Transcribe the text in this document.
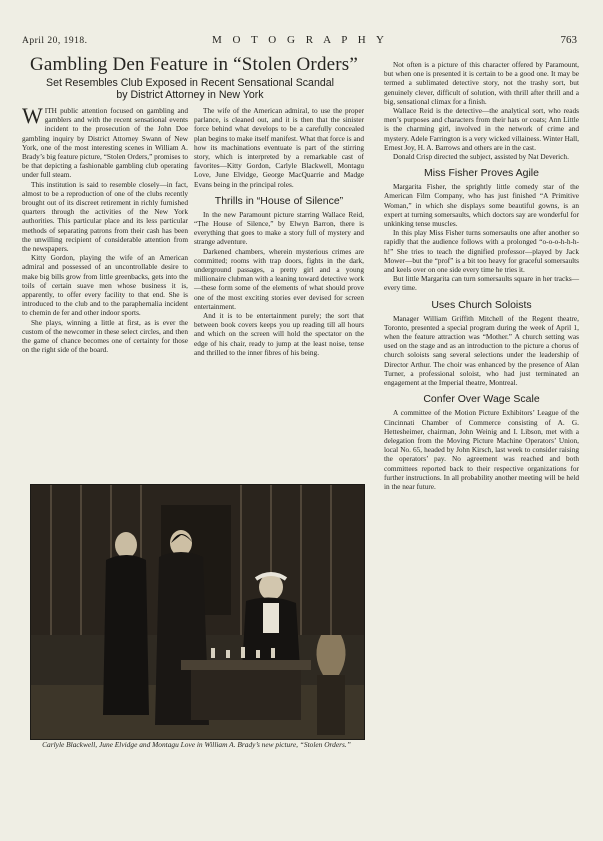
April 20, 1918.	M O T O G R A P H Y	763
Gambling Den Feature in “Stolen Orders”
Set Resembles Club Exposed in Recent Sensational Scandal by District Attorney in New York

WITH public attention focused on gambling and gamblers and with the recent sensational events incident to the prosecution of the John Doe gambling inquiry by District Attorney Swann of New York, one of the most interesting scenes in William A. Brady’s big feature picture, “Stolen Orders,” promises to be that depicting a fashionable gambling club operating under full steam.

This institution is said to resemble closely—in fact, almost to be a reproduction of one of the clubs recently brought out of its discreet retirement in richly furnished quarters through the activities of the New York authorities. This particular place and its less particular methods of separating patrons from their cash has been the unwilling recipient of considerable attention from the newspapers.

Kitty Gordon, playing the wife of an American admiral and possessed of an uncontrollable desire to make big bills grow from little greenbacks, gets into the toils of certain suave men whose business it is, apparently, to offer every facility to that end. She is introduced to the club and to the paraphernalia incident to chemin de fer and other indoor sports.

She plays, winning a little at first, as is ever the custom of the newcomer in these select circles, and then the game of chance becomes one of certainty for those on the right side of the board.

The wife of the American admiral, to use the proper parlance, is cleaned out, and it is then that the sinister force behind what develops to be a carefully concealed plan begins to make itself manifest. What that force is and how its machinations eventuate is part of the stirring story, which is interpreted by a remarkable cast of favorites—Kitty Gordon, Carlyle Blackwell, Montagu Love, June Elvidge, George MacQuarrie and Madge Evans being in the principal roles.

Thrills in “House of Silence”

In the new Paramount picture starring Wallace Reid, “The House of Silence,” by Elwyn Barron, there is everything that goes to make a story full of mystery and strange adventure.

Darkened chambers, wherein mysterious crimes are committed; rooms with trap doors, fights in the dark, underground passages, a pretty girl and a young millionaire clubman with a leaning toward detective work—these form some of the elements of what should prove one of the most exciting stories ever devised for screen entertainment.

And it is to be entertainment purely; the sort that between book covers keeps you up reading till all hours and which on the screen will hold the spectator on the edge of his chair, ready to jump at the least noise, tense and thrilled to the inner fibres of his being.

Not often is a picture of this character offered by Paramount, but when one is presented it is certain to be a good one. It may be termed a sublimated detective story, not the trashy sort, but genuinely clever, difficult of solution, with thrill after thrill and a big, sensational climax for a finish.

Wallace Reid is the detective—the analytical sort, who reads men’s purposes and characters from their hats or coats; Ann Little is the charming girl, involved in the network of crime and mystery. Adele Farrington is a very wicked villainess. Winter Hall, Ernest Joy, H. A. Barrows and others are in the cast.

Donald Crisp directed the subject, assisted by Nat Deverich.

Miss Fisher Proves Agile

Margarita Fisher, the sprightly little comedy star of the American Film Company, who has just finished “A Primitive Woman,” in which she displays some beautiful gowns, is an expert at turning somersaults, which doctors say are wonderful for unkinking tense muscles.

In this play Miss Fisher turns somersaults one after another so rapidly that the audience follows with a prolonged “o-o-o-h-h-h-h!” She tries to teach the dignified professor—played by Jack Mower—but the “prof” is a bit too heavy for graceful somersaults and keels over on one side every time he tries it.

But little Margarita can turn somersaults square in her tracks—every time.

Uses Church Soloists

Manager William Griffith Mitchell of the Regent theatre, Toronto, presented a special program during the week of April 1, when the feature attraction was “Mother.” A church setting was used on the stage and as an introduction to the picture a chorus of church soloists sang several selections under the leadership of Director Arthur. The choir was enhanced by the presence of Alan Turner, a professional soloist, who had just terminated an engagement at the Imperial theatre, Montreal.

Confer Over Wage Scale

A committee of the Motion Picture Exhibitors’ League of the Cincinnati Chamber of Commerce consisting of A. G. Hettesheimer, chairman, John Weinig and I. Libson, met with a delegation from the Moving Picture Machine Operators’ Union, local No. 65, headed by John Kirsch, last week to consider raising the operators’ pay. No agreement was reached and both committees reported back to their respective organizations for further instructions. In all probability another meeting will be held in the near future.

Carlyle Blackwell, June Elvidge and Montagu Love in William A. Brady’s new picture, “Stolen Orders.”
